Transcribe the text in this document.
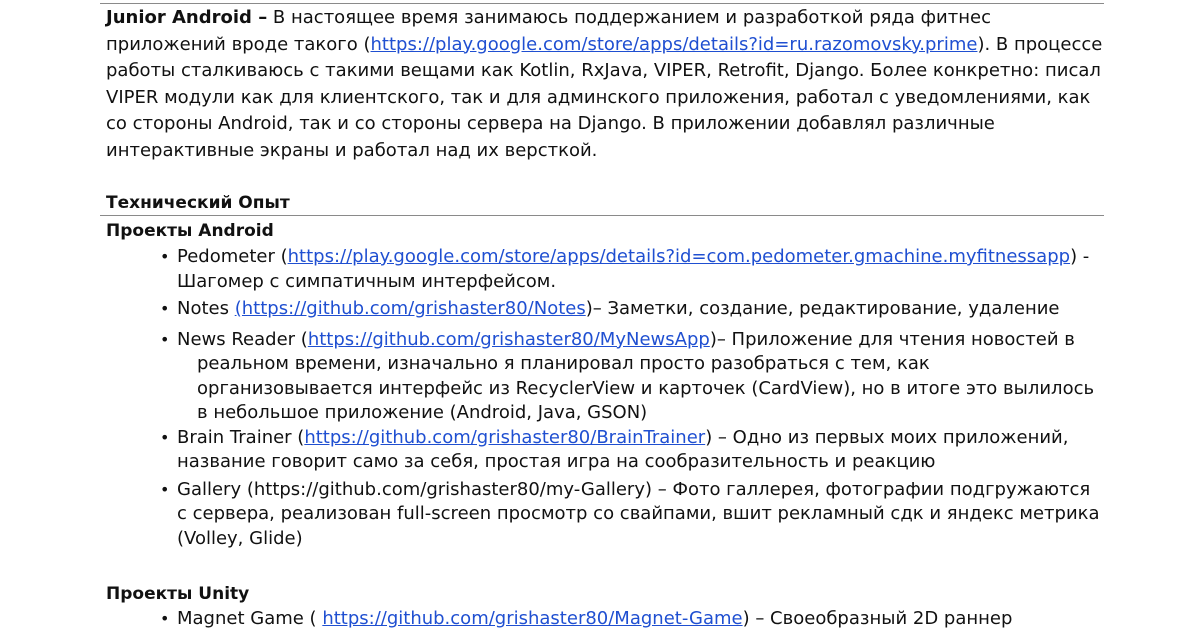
Junior Android – В настоящее время занимаюсь поддержанием и разработкой ряда фитнес приложений вроде такого (https://play.google.com/store/apps/details?id=ru.razomovsky.prime). В процессе работы сталкиваюсь с такими вещами как Kotlin, RxJava, VIPER, Retrofit, Django. Более конкретно: писал VIPER модули как для клиентского, так и для админского приложения, работал с уведомлениями, как со стороны Android, так и со стороны сервера на Django. В приложении добавлял различные интерактивные экраны и работал над их версткой.
Технический Опыт
Проекты Android
• Pedometer (https://play.google.com/store/apps/details?id=com.pedometer.gmachine.myfitnessapp) - Шагомер с симпатичным интерфейсом.
• Notes (https://github.com/grishaster80/Notes)– Заметки, создание, редактирование, удаление
• News Reader (https://github.com/grishaster80/MyNewsApp)– Приложение для чтения новостей в
реальном времени, изначально я планировал просто разобраться с тем, как организовывается интерфейс из RecyclerView и карточек (CardView), но в итоге это вылилось в небольшое приложение (Android, Java, GSON)
• Brain Trainer (https://github.com/grishaster80/BrainTrainer) – Одно из первых моих приложений, название говорит само за себя, простая игра на сообразительность и реакцию
• Gallery (https://github.com/grishaster80/my-Gallery) – Фото галлерея, фотографии подгружаются с сервера, реализован full-screen просмотр со свайпами, вшит рекламный сдк и яндекс метрика (Volley, Glide)
Проекты Unity
• Magnet Game ( https://github.com/grishaster80/Magnet-Game) – Своеобразный 2D раннер
